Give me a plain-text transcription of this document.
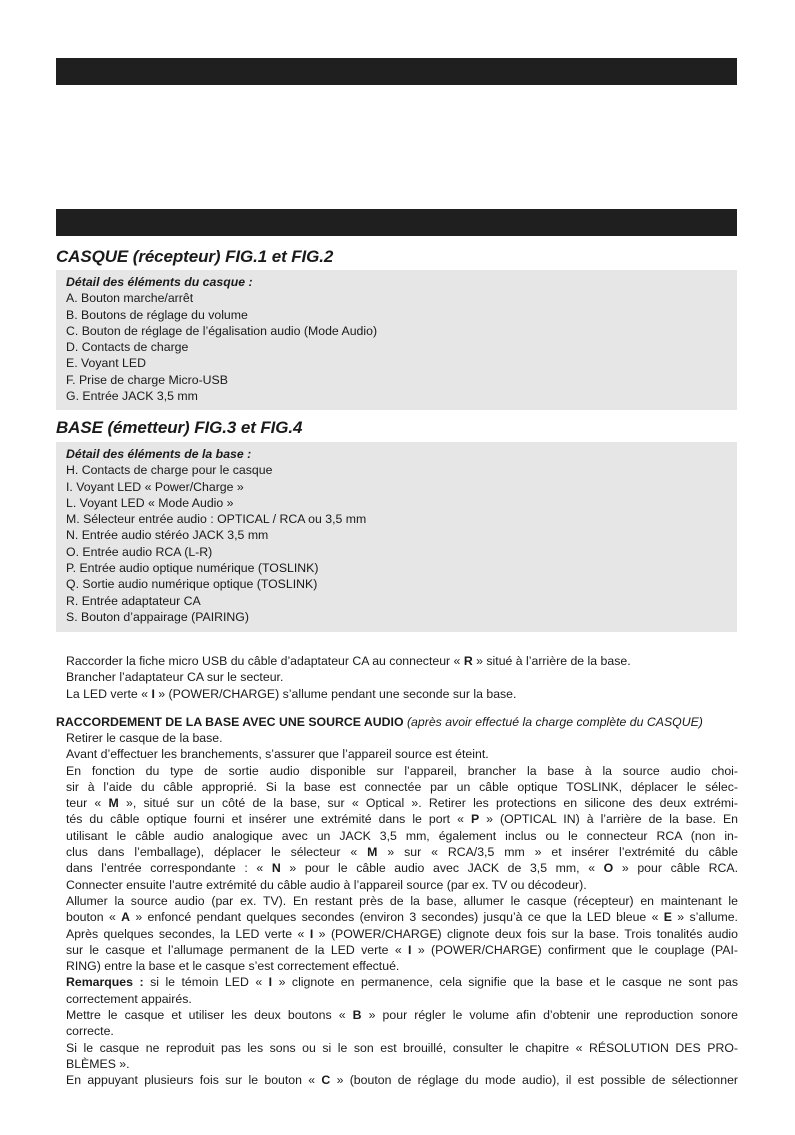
CASQUE (récepteur) FIG.1 et FIG.2

Détail des éléments du casque :

A. Bouton marche/arrêt
B. Boutons de réglage du volume
C. Bouton de réglage de l’égalisation audio (Mode Audio)
D. Contacts de charge
E. Voyant LED
F. Prise de charge Micro-USB
G. Entrée JACK 3,5 mm
BASE (émetteur) FIG.3 et FIG.4

Détail des éléments de la base :

H. Contacts de charge pour le casque
I. Voyant LED « Power/Charge »
L. Voyant LED « Mode Audio »
M. Sélecteur entrée audio : OPTICAL / RCA ou 3,5 mm
N. Entrée audio stéréo JACK 3,5 mm
O. Entrée audio RCA (L-R)
P. Entrée audio optique numérique (TOSLINK)
Q. Sortie audio numérique optique (TOSLINK)
R. Entrée adaptateur CA
S. Bouton d’appairage (PAIRING)
Raccorder la fiche micro USB du câble d’adaptateur CA au connecteur « R » situé à l’arrière de la base.
Brancher l’adaptateur CA sur le secteur.
La LED verte « I » (POWER/CHARGE) s’allume pendant une seconde sur la base.
RACCORDEMENT DE LA BASE AVEC UNE SOURCE AUDIO (après avoir effectué la charge complète du CASQUE)
Retirer le casque de la base.
Avant d’effectuer les branchements, s’assurer que l’appareil source est éteint.
En fonction du type de sortie audio disponible sur l’appareil, brancher la base à la source audio choi-
sir à l’aide du câble approprié. Si la base est connectée par un câble optique TOSLINK, déplacer le sélec-
teur « M », situé sur un côté de la base, sur « Optical ». Retirer les protections en silicone des deux extrémi-
tés du câble optique fourni et insérer une extrémité dans le port « P » (OPTICAL IN) à l’arrière de la base. En
utilisant le câble audio analogique avec un JACK 3,5 mm, également inclus ou le connecteur RCA (non in-
clus dans l’emballage), déplacer le sélecteur « M » sur « RCA/3,5 mm » et insérer l’extrémité du câble
dans l’entrée correspondante : « N » pour le câble audio avec JACK de 3,5 mm, « O » pour câble RCA.
Connecter ensuite l’autre extrémité du câble audio à l’appareil source (par ex. TV ou décodeur).
Allumer la source audio (par ex. TV). En restant près de la base, allumer le casque (récepteur) en maintenant le
bouton « A » enfoncé pendant quelques secondes (environ 3 secondes) jusqu’à ce que la LED bleue « E » s’allume.
Après quelques secondes, la LED verte « I » (POWER/CHARGE) clignote deux fois sur la base. Trois tonalités audio
sur le casque et l’allumage permanent de la LED verte « I » (POWER/CHARGE) confirment que le couplage (PAI-
RING) entre la base et le casque s’est correctement effectué.
Remarques : si le témoin LED « I » clignote en permanence, cela signifie que la base et le casque ne sont pas
correctement appairés.
Mettre le casque et utiliser les deux boutons « B » pour régler le volume afin d’obtenir une reproduction sonore
correcte.
Si le casque ne reproduit pas les sons ou si le son est brouillé, consulter le chapitre « RÉSOLUTION DES PRO-
BLÈMES ».
En appuyant plusieurs fois sur le bouton « C » (bouton de réglage du mode audio), il est possible de sélectionner
